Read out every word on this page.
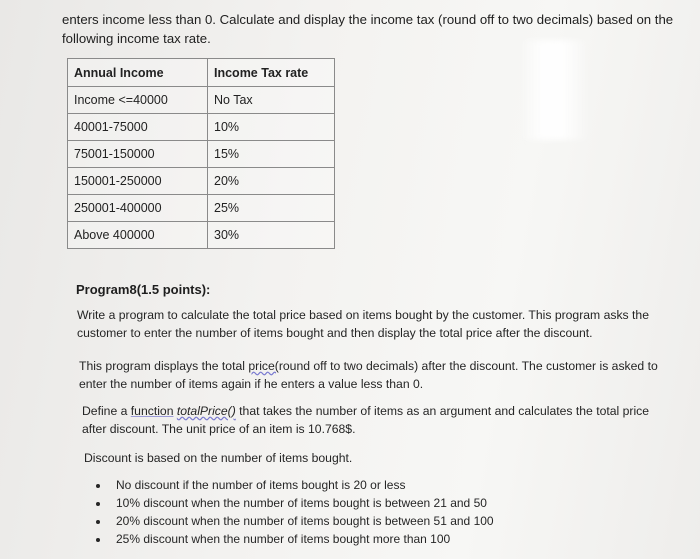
enters income less than 0. Calculate and display the income tax (round off to two decimals) based on the following income tax rate.
Annual Income	Income Tax rate
Income <=40000	No Tax
40001-75000	10%
75001-150000	15%
150001-250000	20%
250001-400000	25%
Above 400000	30%
Program8(1.5 points):
Write a program to calculate the total price based on items bought by the customer. This program asks the customer to enter the number of items bought and then display the total price after the discount.
This program displays the total price(round off to two decimals) after the discount. The customer is asked to enter the number of items again if he enters a value less than 0.
Define a function totalPrice() that takes the number of items as an argument and calculates the total price after discount. The unit price of an item is 10.768$.
Discount is based on the number of items bought.
• No discount if the number of items bought is 20 or less
• 10% discount when the number of items bought is between 21 and 50
• 20% discount when the number of items bought is between 51 and 100
• 25% discount when the number of items bought more than 100
